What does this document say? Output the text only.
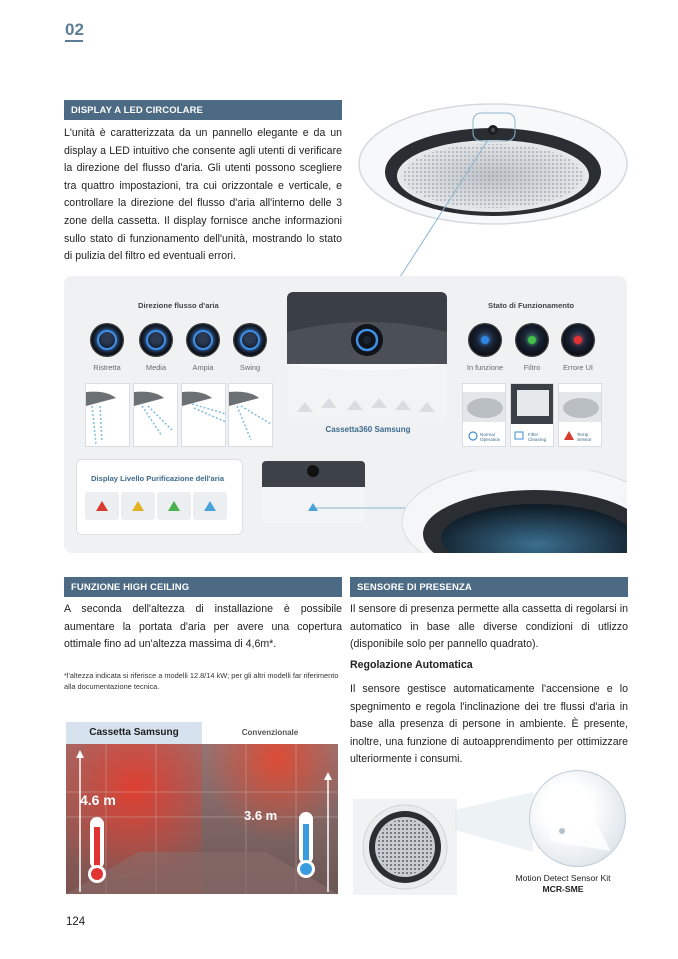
02
DISPLAY A LED CIRCOLARE
L'unità è caratterizzata da un pannello elegante e da un display a LED intuitivo che consente agli utenti di verificare la direzione del flusso d'aria. Gli utenti possono scegliere tra quattro impostazioni, tra cui orizzontale e verticale, e controllare la direzione del flusso d'aria all'interno delle 3 zone della cassetta. Il display fornisce anche informazioni sullo stato di funzionamento dell'unità, mostrando lo stato di pulizia del filtro ed eventuali errori.
Direzione flusso d'aria	Stato di Funzionamento
Ristretta	Media	Ampia	Swing
Cassetta360 Samsung
In funzione	Filtro	Errore UI
Normal
Operation
Filter
Cleaning
Temp.
Sensor
Display Livello Purificazione dell'aria
FUNZIONE HIGH CEILING
A seconda dell'altezza di installazione è possibile aumentare la portata d'aria per avere una copertura ottimale fino ad un'altezza massima di 4,6m*.
*l'altezza indicata si riferisce a modelli 12.8/14 kW; per gli altri modelli far riferimento alla documentazione tecnica.
Cassetta Samsung	Convenzionale
4.6 m
3.6 m
SENSORE DI PRESENZA
Il sensore di presenza permette alla cassetta di regolarsi in automatico in base alle diverse condizioni di utlizzo (disponibile solo per pannello quadrato).
Regolazione Automatica
Il sensore gestisce automaticamente l'accensione e lo spegnimento e regola l'inclinazione dei tre flussi d'aria in base alla presenza di persone in ambiente. È presente, inoltre, una funzione di autoapprendimento per ottimizzare ulteriormente i consumi.
Motion Detect Sensor Kit
MCR-SME
124
